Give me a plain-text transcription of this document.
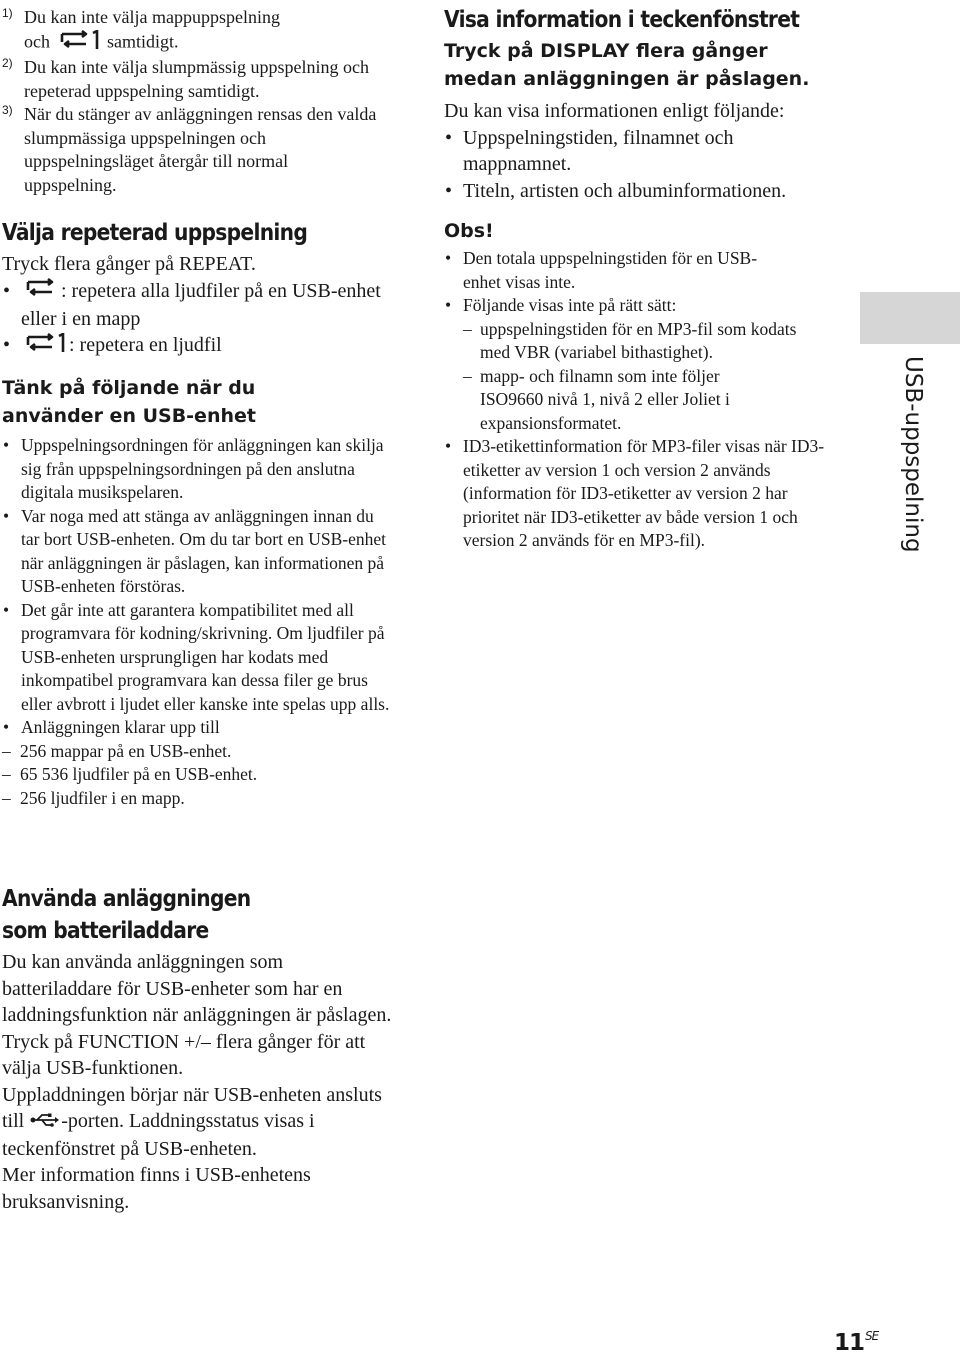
1) Du kan inte välja mappuppspelning
och	samtidigt.
2) Du kan inte välja slumpmässig uppspelning och repeterad uppspelning samtidigt.
3) När du stänger av anläggningen rensas den valda slumpmässiga uppspelningen och uppspelningsläget återgår till normal uppspelning.
Välja repeterad uppspelning
Tryck flera gånger på REPEAT.
• : repetera alla ljudfiler på en USB-enhet eller i en mapp
• : repetera en ljudfil
Tänk på följande när du använder en USB-enhet
• Uppspelningsordningen för anläggningen kan skilja sig från uppspelningsordningen på den anslutna digitala musikspelaren.
• Var noga med att stänga av anläggningen innan du tar bort USB-enheten. Om du tar bort en USB-enhet när anläggningen är påslagen, kan informationen på USB-enheten förstöras.
• Det går inte att garantera kompatibilitet med all programvara för kodning/skrivning. Om ljudfiler på USB-enheten ursprungligen har kodats med inkompatibel programvara kan dessa filer ge brus eller avbrott i ljudet eller kanske inte spelas upp alls.
• Anläggningen klarar upp till
– 256 mappar på en USB-enhet.
– 65 536 ljudfiler på en USB-enhet.
– 256 ljudfiler i en mapp.
Använda anläggningen som batteriladdare
Du kan använda anläggningen som batteriladdare för USB-enheter som har en laddningsfunktion när anläggningen är påslagen.
Tryck på FUNCTION +/– flera gånger för att välja USB-funktionen.
Uppladdningen börjar när USB-enheten ansluts till -porten. Laddningsstatus visas i teckenfönstret på USB-enheten.
Mer information finns i USB-enhetens bruksanvisning.
Visa information i teckenfönstret
Tryck på DISPLAY flera gånger medan anläggningen är påslagen.
Du kan visa informationen enligt följande:
• Uppspelningstiden, filnamnet och mappnamnet.
• Titeln, artisten och albuminformationen.
Obs!
• Den totala uppspelningstiden för en USB-enhet visas inte.
• Följande visas inte på rätt sätt:
– uppspelningstiden för en MP3-fil som kodats med VBR (variabel bithastighet).
– mapp- och filnamn som inte följer ISO9660 nivå 1, nivå 2 eller Joliet i expansionsformatet.
• ID3-etikettinformation för MP3-filer visas när ID3-etiketter av version 1 och version 2 används (information för ID3-etiketter av version 2 har prioritet när ID3-etiketter av både version 1 och version 2 används för en MP3-fil).	USB-uppspelning
$11^{SE}$
